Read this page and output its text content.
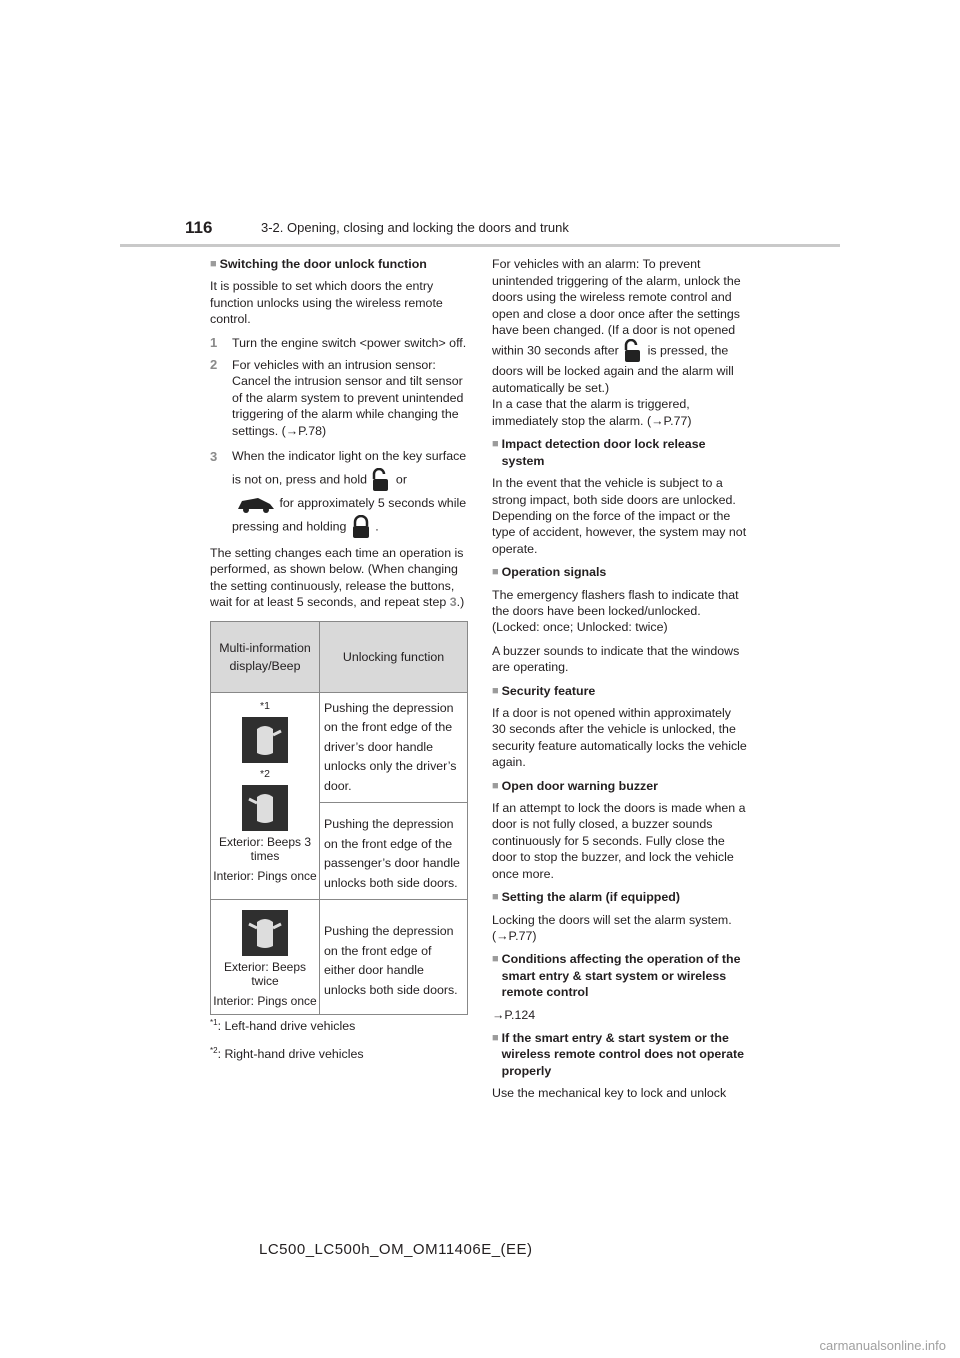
116	3-2. Opening, closing and locking the doors and trunk
■ Switching the door unlock function

It is possible to set which doors the entry function unlocks using the wireless remote control.

1	Turn the engine switch <power switch> off.
2	For vehicles with an intrusion sensor: Cancel the intrusion sensor and tilt sensor of the alarm system to prevent unintended triggering of the alarm while changing the settings. (→P.78)
3	When the indicator light on the key surface is not on, press and hold or
for approximately 5 seconds while pressing and holding .

The setting changes each time an operation is performed, as shown below. (When changing the setting continuously, release the buttons, wait for at least 5 seconds, and repeat step 3.)

Multi-information display/Beep	Unlocking function

*1
*2
Exterior: Beeps 3 times
Interior: Pings once	Pushing the depression on the front edge of the driver’s door handle unlocks only the driver’s door.
	Pushing the depression on the front edge of the passenger’s door handle unlocks both side doors.

Exterior: Beeps twice
Interior: Pings once	Pushing the depression on the front edge of either door handle unlocks both side doors.

$^{*1}$: Left-hand drive vehicles

$^{*2}$: Right-hand drive vehicles

For vehicles with an alarm: To prevent unintended triggering of the alarm, unlock the doors using the wireless remote control and open and close a door once after the settings have been changed. (If a door is not opened within 30 seconds after is pressed, the doors will be locked again and the alarm will automatically be set.)
In a case that the alarm is triggered, immediately stop the alarm. (→P.77)

■ Impact detection door lock release system

In the event that the vehicle is subject to a strong impact, both side doors are unlocked. Depending on the force of the impact or the type of accident, however, the system may not operate.

■ Operation signals

The emergency flashers flash to indicate that the doors have been locked/unlocked. (Locked: once; Unlocked: twice)

A buzzer sounds to indicate that the windows are operating.

■ Security feature

If a door is not opened within approximately 30 seconds after the vehicle is unlocked, the security feature automatically locks the vehicle again.

■ Open door warning buzzer

If an attempt to lock the doors is made when a door is not fully closed, a buzzer sounds continuously for 5 seconds. Fully close the door to stop the buzzer, and lock the vehicle once more.

■ Setting the alarm (if equipped)

Locking the doors will set the alarm system. (→P.77)

■ Conditions affecting the operation of the smart entry & start system or wireless remote control

→P.124

■ If the smart entry & start system or the wireless remote control does not operate properly

Use the mechanical key to lock and unlock

LC500_LC500h_OM_OM11406E_(EE)
carmanualsonline.info
